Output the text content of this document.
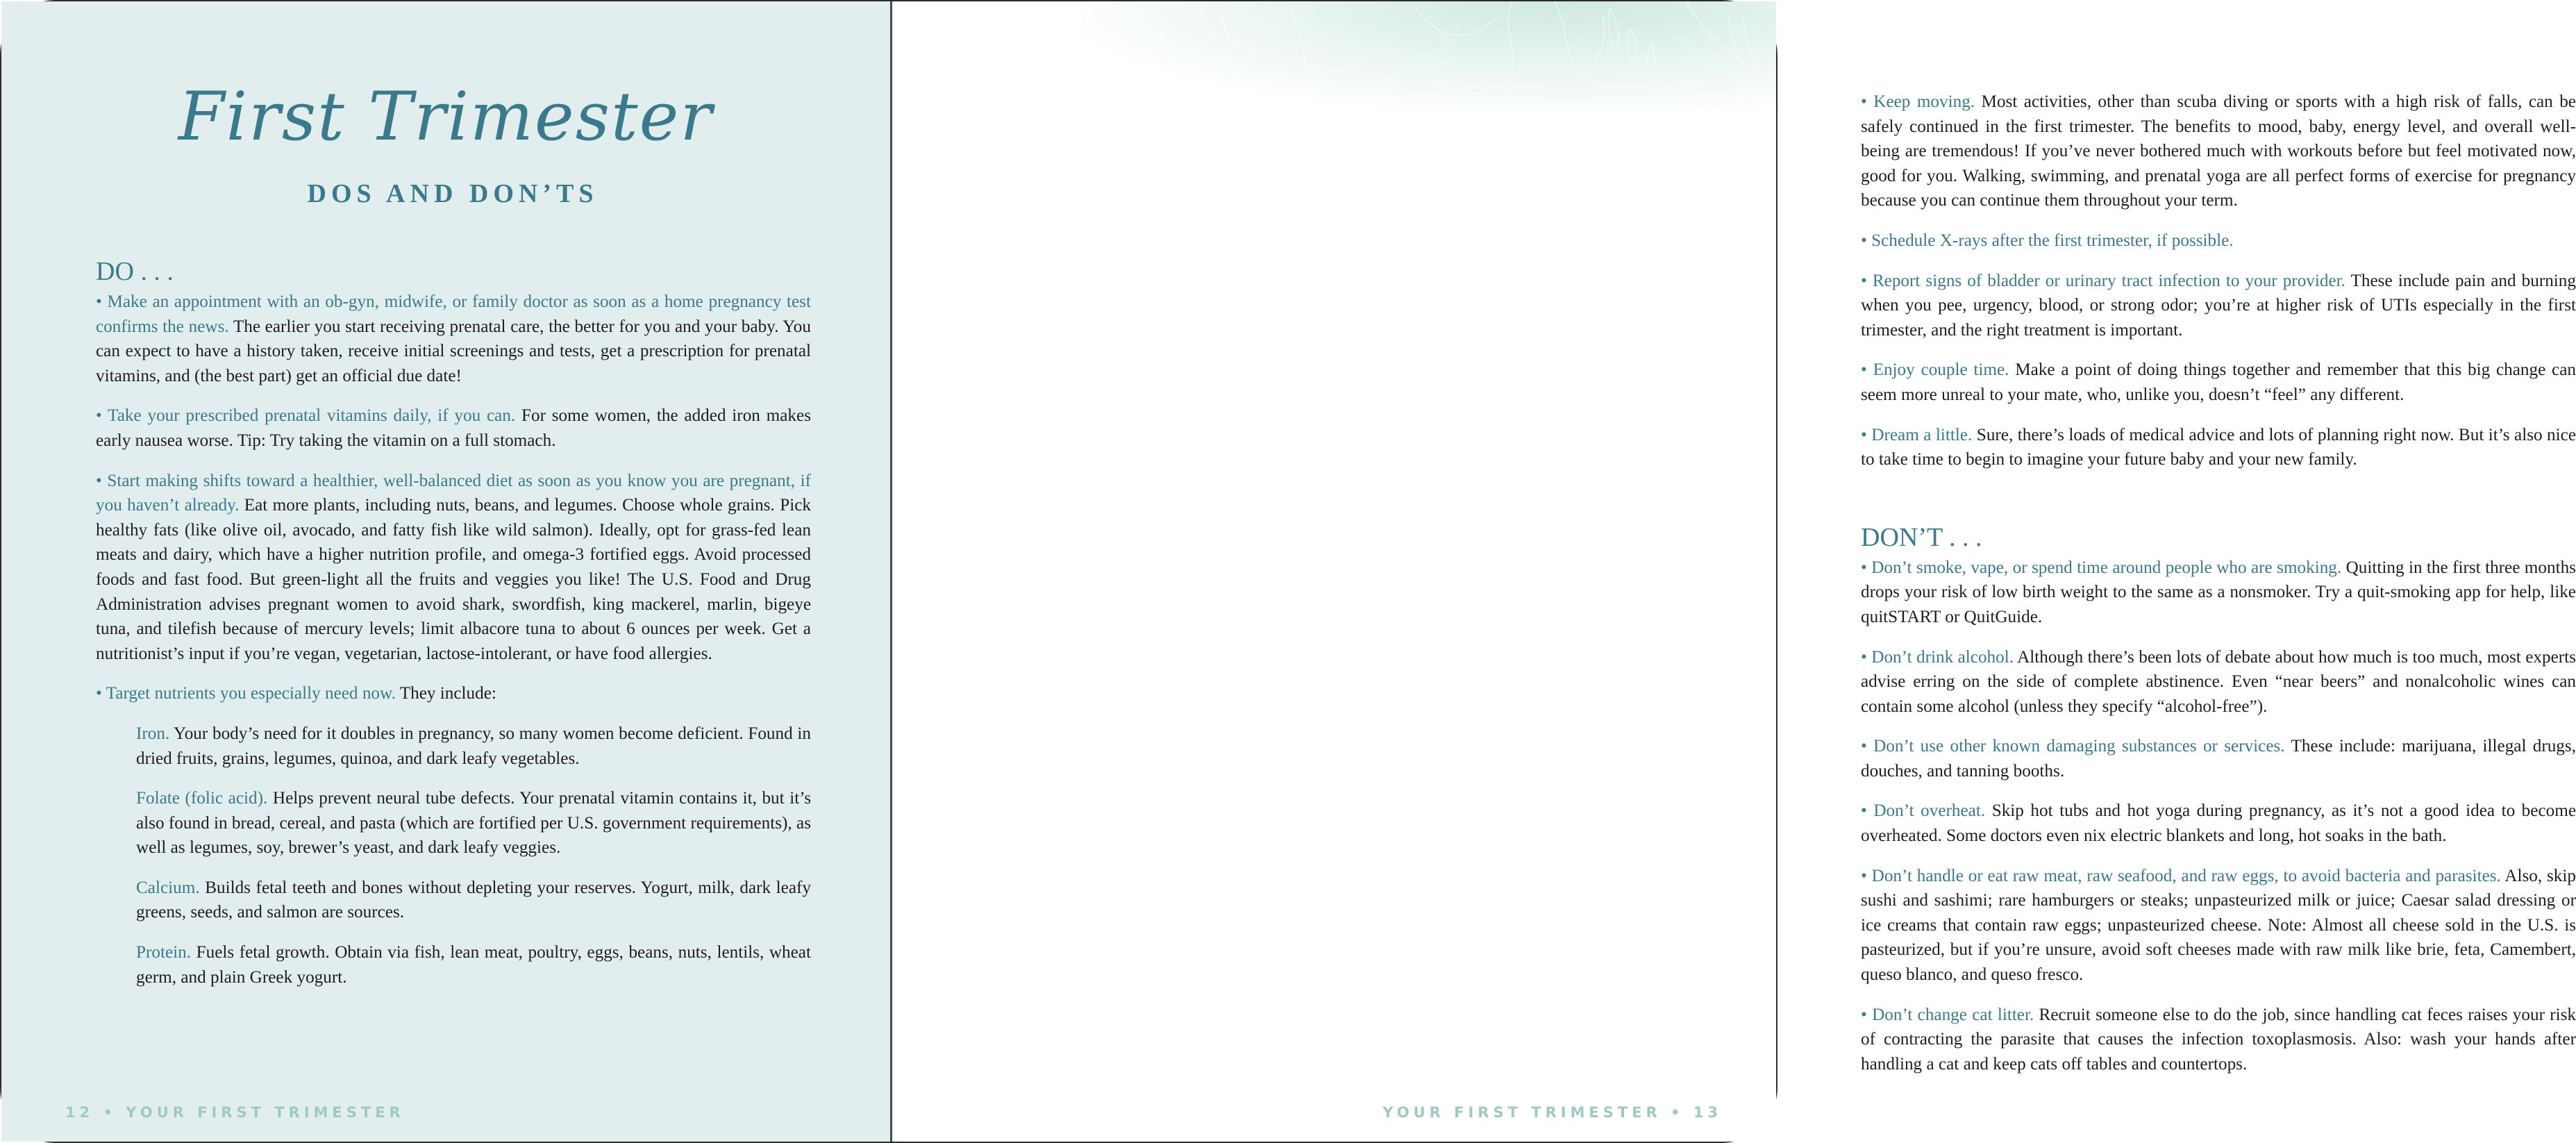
First Trimester
DOS AND DON’TS
DO . . .

• Make an appointment with an ob-gyn, midwife, or family doctor as soon as a home pregnancy test confirms the news. The earlier you start receiving prenatal care, the better for you and your baby. You can expect to have a history taken, receive initial screenings and tests, get a prescription for prenatal vitamins, and (the best part) get an official due date!

• Take your prescribed prenatal vitamins daily, if you can. For some women, the added iron makes early nausea worse. Tip: Try taking the vitamin on a full stomach.

• Start making shifts toward a healthier, well-balanced diet as soon as you know you are pregnant, if you haven’t already. Eat more plants, including nuts, beans, and legumes. Choose whole grains. Pick healthy fats (like olive oil, avocado, and fatty fish like wild salmon). Ideally, opt for grass-fed lean meats and dairy, which have a higher nutrition profile, and omega-3 fortified eggs. Avoid processed foods and fast food. But green-light all the fruits and veggies you like! The U.S. Food and Drug Administration advises pregnant women to avoid shark, swordfish, king mackerel, marlin, bigeye tuna, and tilefish because of mercury levels; limit albacore tuna to about 6 ounces per week. Get a nutritionist’s input if you’re vegan, vegetarian, lactose-intolerant, or have food allergies.

• Target nutrients you especially need now. They include:

Iron. Your body’s need for it doubles in pregnancy, so many women become deficient. Found in dried fruits, grains, legumes, quinoa, and dark leafy vegetables.

Folate (folic acid). Helps prevent neural tube defects. Your prenatal vitamin contains it, but it’s also found in bread, cereal, and pasta (which are fortified per U.S. government requirements), as well as legumes, soy, brewer’s yeast, and dark leafy veggies.

Calcium. Builds fetal teeth and bones without depleting your reserves. Yogurt, milk, dark leafy greens, seeds, and salmon are sources.

Protein. Fuels fetal growth. Obtain via fish, lean meat, poultry, eggs, beans, nuts, lentils, wheat germ, and plain Greek yogurt.

12 • YOUR FIRST TRIMESTER

• Keep moving. Most activities, other than scuba diving or sports with a high risk of falls, can be safely continued in the first trimester. The benefits to mood, baby, energy level, and overall well-being are tremendous! If you’ve never bothered much with workouts before but feel motivated now, good for you. Walking, swimming, and prenatal yoga are all perfect forms of exercise for pregnancy because you can continue them throughout your term.

• Schedule X-rays after the first trimester, if possible.

• Report signs of bladder or urinary tract infection to your provider. These include pain and burning when you pee, urgency, blood, or strong odor; you’re at higher risk of UTIs especially in the first trimester, and the right treatment is important.

• Enjoy couple time. Make a point of doing things together and remember that this big change can seem more unreal to your mate, who, unlike you, doesn’t “feel” any different.

• Dream a little. Sure, there’s loads of medical advice and lots of planning right now. But it’s also nice to take time to begin to imagine your future baby and your new family.

DON’T . . .

• Don’t smoke, vape, or spend time around people who are smoking. Quitting in the first three months drops your risk of low birth weight to the same as a nonsmoker. Try a quit-smoking app for help, like quitSTART or QuitGuide.

• Don’t drink alcohol. Although there’s been lots of debate about how much is too much, most experts advise erring on the side of complete abstinence. Even “near beers” and nonalcoholic wines can contain some alcohol (unless they specify “alcohol-free”).

• Don’t use other known damaging substances or services. These include: marijuana, illegal drugs, douches, and tanning booths.

• Don’t overheat. Skip hot tubs and hot yoga during pregnancy, as it’s not a good idea to become overheated. Some doctors even nix electric blankets and long, hot soaks in the bath.

• Don’t handle or eat raw meat, raw seafood, and raw eggs, to avoid bacteria and parasites. Also, skip sushi and sashimi; rare hamburgers or steaks; unpasteurized milk or juice; Caesar salad dressing or ice creams that contain raw eggs; unpasteurized cheese. Note: Almost all cheese sold in the U.S. is pasteurized, but if you’re unsure, avoid soft cheeses made with raw milk like brie, feta, Camembert, queso blanco, and queso fresco.

• Don’t change cat litter. Recruit someone else to do the job, since handling cat feces raises your risk of contracting the parasite that causes the infection toxoplasmosis. Also: wash your hands after handling a cat and keep cats off tables and countertops.

YOUR FIRST TRIMESTER • 13
